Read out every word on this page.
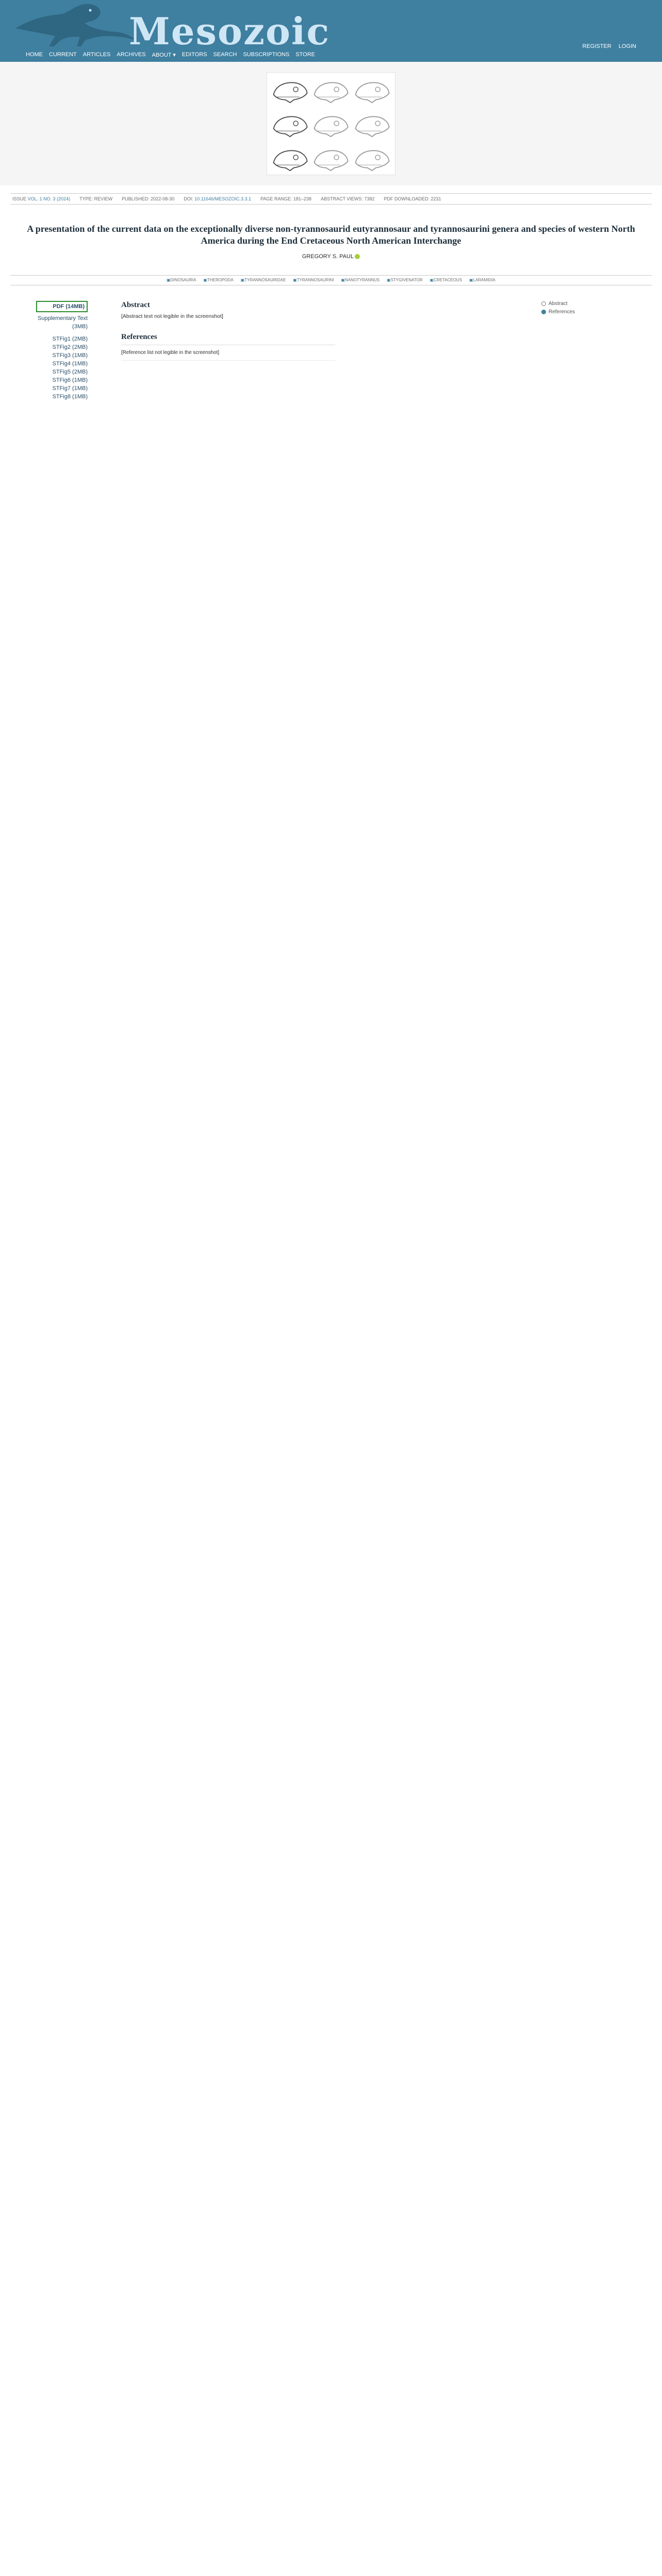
Mesozoic
HOME CURRENT ARTICLES ARCHIVES ABOUT ▾ EDITORS SEARCH SUBSCRIPTIONS STORE
REGISTER LOGIN
ISSUE VOL. 1 NO. 3 (2024) TYPE: REVIEW PUBLISHED: 2022-08-30 DOI: 10.11646/MESOZOIC.3.3.1 PAGE RANGE: 181–238 ABSTRACT VIEWS: 7382 PDF DOWNLOADED: 2231
A presentation of the current data on the exceptionally diverse non-tyrannosaurid eutyrannosaur and tyrannosaurini genera and species of western North America during the End Cretaceous North American Interchange
GREGORY S. PAUL
▣ DINOSAURIA	▣ THEROPODA	▣ TYRANNOSAURIDAE	▣ TYRANNOSAURINI	▣ NANOTYRANNUS	▣ STYGIVENATOR	▣ CRETACEOUS	▣ LARAMIDIA
PDF (14MB)
Supplementary Text (3MB)
STFig1 (2MB)
STFig2 (2MB)
STFig3 (1MB)
STFig4 (1MB)
STFig5 (2MB)
STFig6 (1MB)
STFig7 (1MB)
STFig8 (1MB)
Abstract

[Abstract text not legible in the screenshot]

References
[Reference list not legible in the screenshot]
Abstract
References
